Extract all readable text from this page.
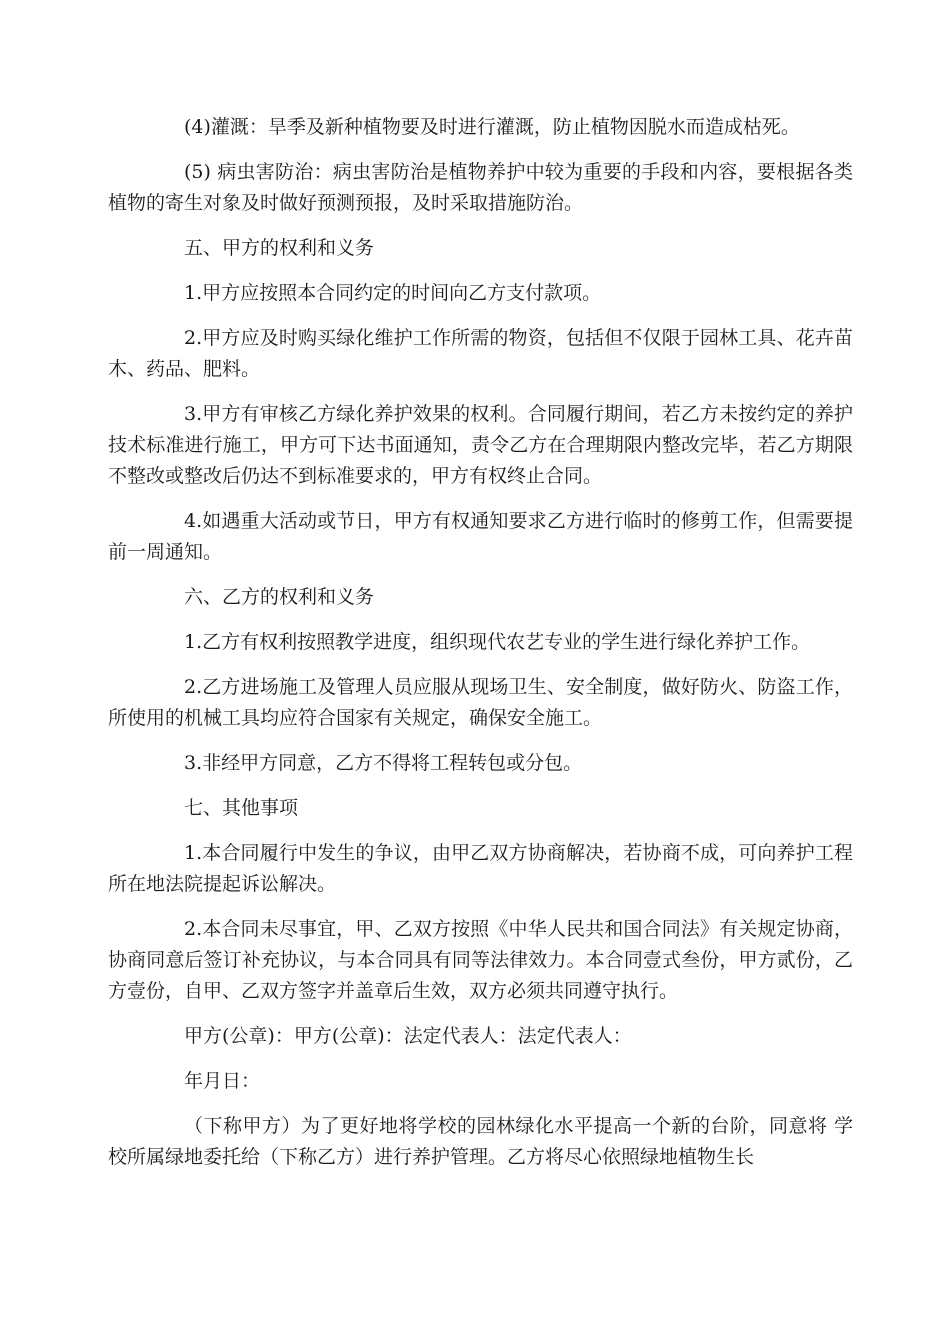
(4)灌溉：旱季及新种植物要及时进行灌溉，防止植物因脱水而造成枯死。

(5) 病虫害防治：病虫害防治是植物养护中较为重要的手段和内容，要根据各类植物的寄生对象及时做好预测预报，及时采取措施防治。

五、甲方的权利和义务

1.甲方应按照本合同约定的时间向乙方支付款项。

2.甲方应及时购买绿化维护工作所需的物资，包括但不仅限于园林工具、花卉苗木、药品、肥料。

3.甲方有审核乙方绿化养护效果的权利。合同履行期间，若乙方未按约定的养护技术标准进行施工，甲方可下达书面通知，责令乙方在合理期限内整改完毕，若乙方期限不整改或整改后仍达不到标准要求的，甲方有权终止合同。

4.如遇重大活动或节日，甲方有权通知要求乙方进行临时的修剪工作，但需要提前一周通知。

六、乙方的权利和义务

1.乙方有权利按照教学进度，组织现代农艺专业的学生进行绿化养护工作。

2.乙方进场施工及管理人员应服从现场卫生、安全制度，做好防火、防盗工作，所使用的机械工具均应符合国家有关规定，确保安全施工。

3.非经甲方同意，乙方不得将工程转包或分包。

七、其他事项

1.本合同履行中发生的争议，由甲乙双方协商解决，若协商不成，可向养护工程所在地法院提起诉讼解决。

2.本合同未尽事宜，甲、乙双方按照《中华人民共和国合同法》有关规定协商，协商同意后签订补充协议，与本合同具有同等法律效力。本合同壹式叁份，甲方贰份，乙方壹份，自甲、乙双方签字并盖章后生效，双方必须共同遵守执行。

甲方(公章)：甲方(公章)：法定代表人：法定代表人：

年月日：

（下称甲方）为了更好地将学校的园林绿化水平提高一个新的台阶，同意将 学校所属绿地委托给（下称乙方）进行养护管理。乙方将尽心依照绿地植物生长
